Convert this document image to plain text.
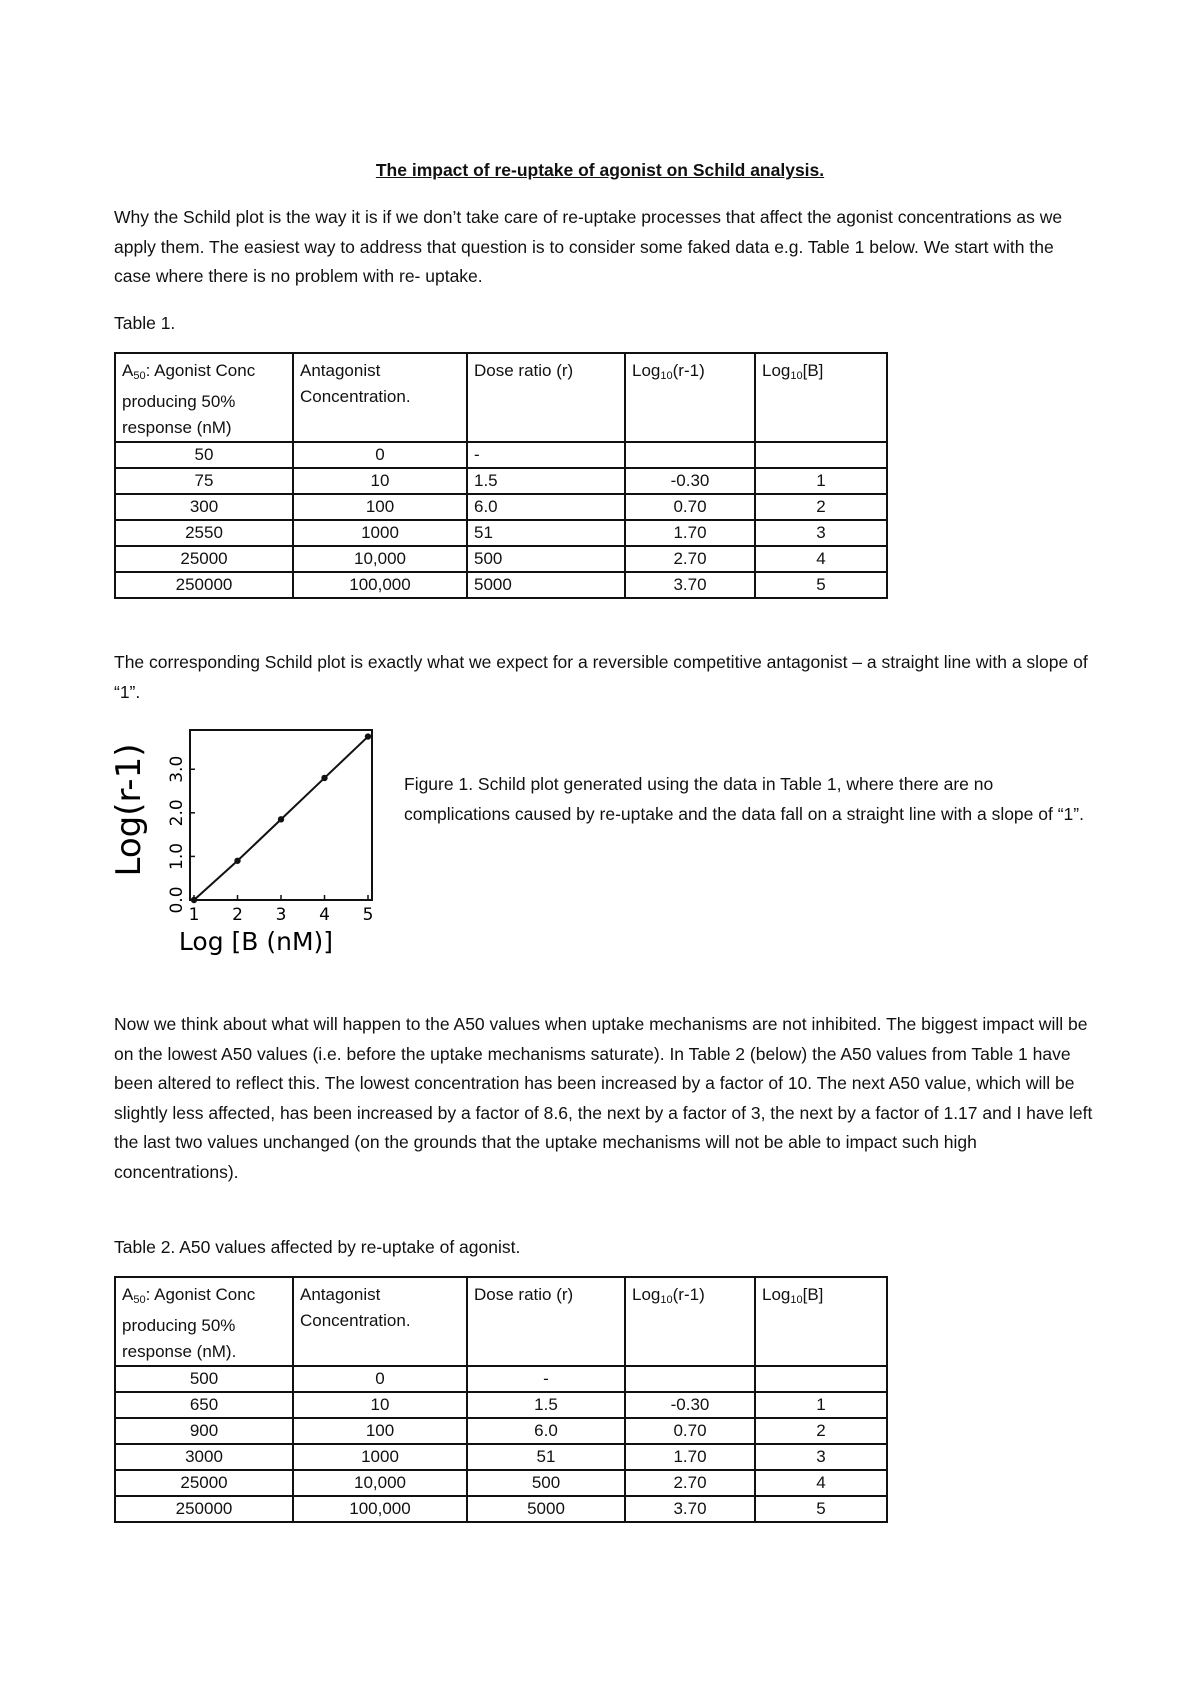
The impact of re-uptake of agonist on Schild analysis.

Why the Schild plot is the way it is if we don’t take care of re-uptake processes that affect the agonist concentrations as we apply them. The easiest way to address that question is to consider some faked data e.g. Table 1 below. We start with the case where there is no problem with re- uptake.

Table 1.

$A_{50}$: Agonist Conc producing 50% response (nM)	Antagonist Concentration.	Dose ratio (r)	Log$_{10}$(r-1)	Log$_{10}$[B]
50	0	-		
75	10	1.5	-0.30	1
300	100	6.0	0.70	2
2550	1000	51	1.70	3
25000	10,000	500	2.70	4
250000	100,000	5000	3.70	5

The corresponding Schild plot is exactly what we expect for a reversible competitive antagonist – a straight line with a slope of “1”.

Log(r-1)
Log [B (nM)]
1 2 3 4 5
0.0
1.0
2.0
3.0

Figure 1. Schild plot generated using the data in Table 1, where there are no complications caused by re-uptake and the data fall on a straight line with a slope of “1”.

Now we think about what will happen to the A50 values when uptake mechanisms are not inhibited. The biggest impact will be on the lowest A50 values (i.e. before the uptake mechanisms saturate). In Table 2 (below) the A50 values from Table 1 have been altered to reflect this. The lowest concentration has been increased by a factor of 10. The next A50 value, which will be slightly less affected, has been increased by a factor of 8.6, the next by a factor of 3, the next by a factor of 1.17 and I have left the last two values unchanged (on the grounds that the uptake mechanisms will not be able to impact such high concentrations).

Table 2. A50 values affected by re-uptake of agonist.

$A_{50}$: Agonist Conc producing 50% response (nM).	Antagonist Concentration.	Dose ratio (r)	Log$_{10}$(r-1)	Log$_{10}$[B]
500	0	-		
650	10	1.5	-0.30	1
900	100	6.0	0.70	2
3000	1000	51	1.70	3
25000	10,000	500	2.70	4
250000	100,000	5000	3.70	5
